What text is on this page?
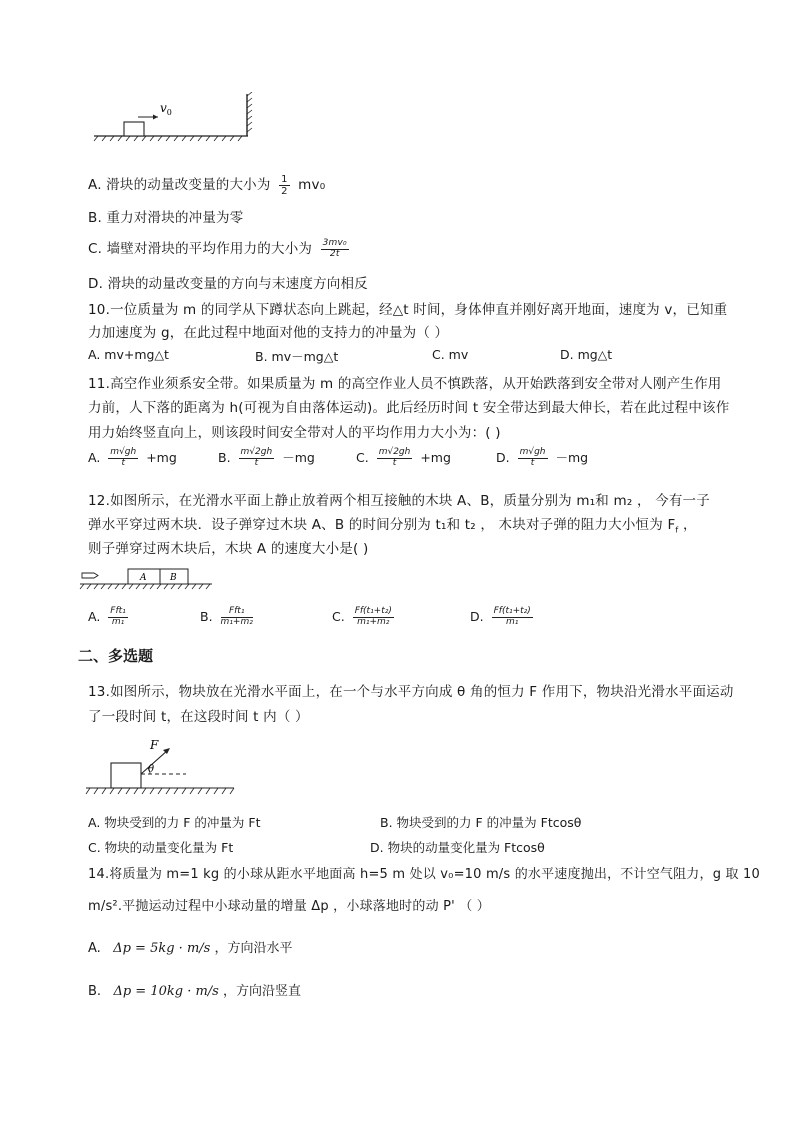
$v_0$
A. 滑块的动量改变量的大小为 $\frac{1}{2} mv_0$
B. 重力对滑块的冲量为零
C. 墙壁对滑块的平均作用力的大小为 $\frac{\text{3mv₀}}{2t}$
D. 滑块的动量改变量的方向与末速度方向相反
10.一位质量为 m 的同学从下蹲状态向上跳起，经△t 时间，身体伸直并刚好离开地面，速度为 v，已知重
力加速度为 g，在此过程中地面对他的支持力的冲量为（ ）
A. mv+mg△t	B. mv－mg△t	C. mv	D. mg△t
11.高空作业须系安全带。如果质量为 m 的高空作业人员不慎跌落，从开始跌落到安全带对人刚产生作用
力前，人下落的距离为 h(可视为自由落体运动)。此后经历时间 t 安全带达到最大伸长，若在此过程中该作
用力始终竖直向上，则该段时间安全带对人的平均作用力大小为：( )
A. $\frac{m√gh}{t} +mg$	B. $\frac{m√2gh}{t} -mg$	C. $\frac{m√2gh}{t} +mg$	D. $\frac{m√gh}{t} -mg$
12.如图所示，在光滑水平面上静止放着两个相互接触的木块 A、B，质量分别为 m₁和 m₂ ， 今有一子
弹水平穿过两木块．设子弹穿过木块 A、B 的时间分别为 t₁和 t₂ ， 木块对子弹的阻力大小恒为 $F_f$ ，
则子弹穿过两木块后，木块 A 的速度大小是( )
A	B
A. $\frac{\text{Fft₁}}{\text{m₁}}$	B. $\frac{\text{Fft₁}}{\text{m₁+m₂}}$	C. $\frac{\text{Ff(t₁+t₂)}}{\text{m₁+m₂}}$	D. $\frac{\text{Ff(t₁+t₂)}}{\text{m₁}}$
二、多选题
13.如图所示，物块放在光滑水平面上，在一个与水平方向成 θ 角的恒力 F 作用下，物块沿光滑水平面运动
了一段时间 t，在这段时间 t 内（ ）
F
θ
A. 物块受到的力 F 的冲量为 Ft	B. 物块受到的力 F 的冲量为 Ftcosθ
C. 物块的动量变化量为 Ft	D. 物块的动量变化量为 Ftcosθ
14.将质量为 m=1 kg 的小球从距水平地面高 h=5 m 处以 v₀=10 m/s 的水平速度抛出，不计空气阻力，g 取 10
m/s².平抛运动过程中小球动量的增量 Δp ，小球落地时的动 P' （ ）
A. Δp = 5kg · m/s ，方向沿水平
B. Δp = 10kg · m/s ，方向沿竖直
